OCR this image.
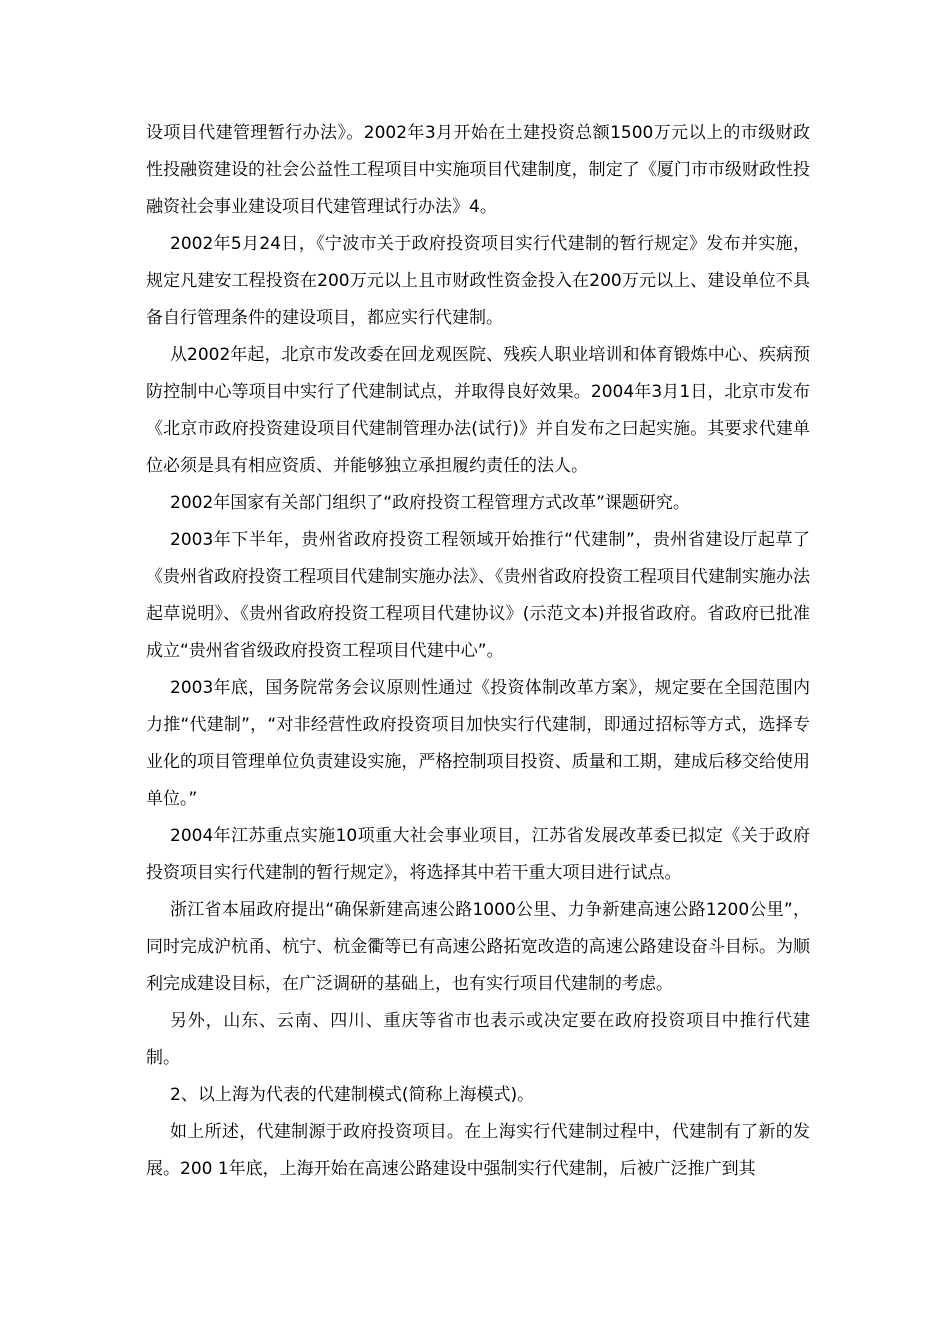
设项目代建管理暂行办法》。2002年3月开始在土建投资总额1500万元以上的市级财政性投融资建设的社会公益性工程项目中实施项目代建制度，制定了《厦门市市级财政性投融资社会事业建设项目代建管理试行办法》4。

2002年5月24日，《宁波市关于政府投资项目实行代建制的暂行规定》发布并实施，规定凡建安工程投资在200万元以上且市财政性资金投入在200万元以上、建设单位不具备自行管理条件的建设项目，都应实行代建制。

从2002年起，北京市发改委在回龙观医院、残疾人职业培训和体育锻炼中心、疾病预防控制中心等项目中实行了代建制试点，并取得良好效果。2004年3月1日，北京市发布《北京市政府投资建设项目代建制管理办法(试行)》并自发布之曰起实施。其要求代建单位必须是具有相应资质、并能够独立承担履约责任的法人。

2002年国家有关部门组织了“政府投资工程管理方式改革”课题研究。

2003年下半年，贵州省政府投资工程领域开始推行“代建制”，贵州省建设厅起草了《贵州省政府投资工程项目代建制实施办法》、《贵州省政府投资工程项目代建制实施办法起草说明》、《贵州省政府投资工程项目代建协议》(示范文本)并报省政府。省政府已批准成立“贵州省省级政府投资工程项目代建中心”。

2003年底，国务院常务会议原则性通过《投资体制改革方案》，规定要在全国范围内力推“代建制”，“对非经营性政府投资项目加快实行代建制，即通过招标等方式，选择专业化的项目管理单位负责建设实施，严格控制项目投资、质量和工期，建成后移交给使用单位。”

2004年江苏重点实施10项重大社会事业项目，江苏省发展改革委已拟定《关于政府投资项目实行代建制的暂行规定》，将选择其中若干重大项目进行试点。

浙江省本届政府提出“确保新建高速公路1000公里、力争新建高速公路1200公里”，同时完成沪杭甬、杭宁、杭金衢等已有高速公路拓宽改造的高速公路建设奋斗目标。为顺利完成建设目标，在广泛调研的基础上，也有实行项目代建制的考虑。

另外，山东、云南、四川、重庆等省市也表示或决定要在政府投资项目中推行代建制。

2、以上海为代表的代建制模式(简称上海模式)。

如上所述，代建制源于政府投资项目。在上海实行代建制过程中，代建制有了新的发展。200 1年底，上海开始在高速公路建设中强制实行代建制，后被广泛推广到其
